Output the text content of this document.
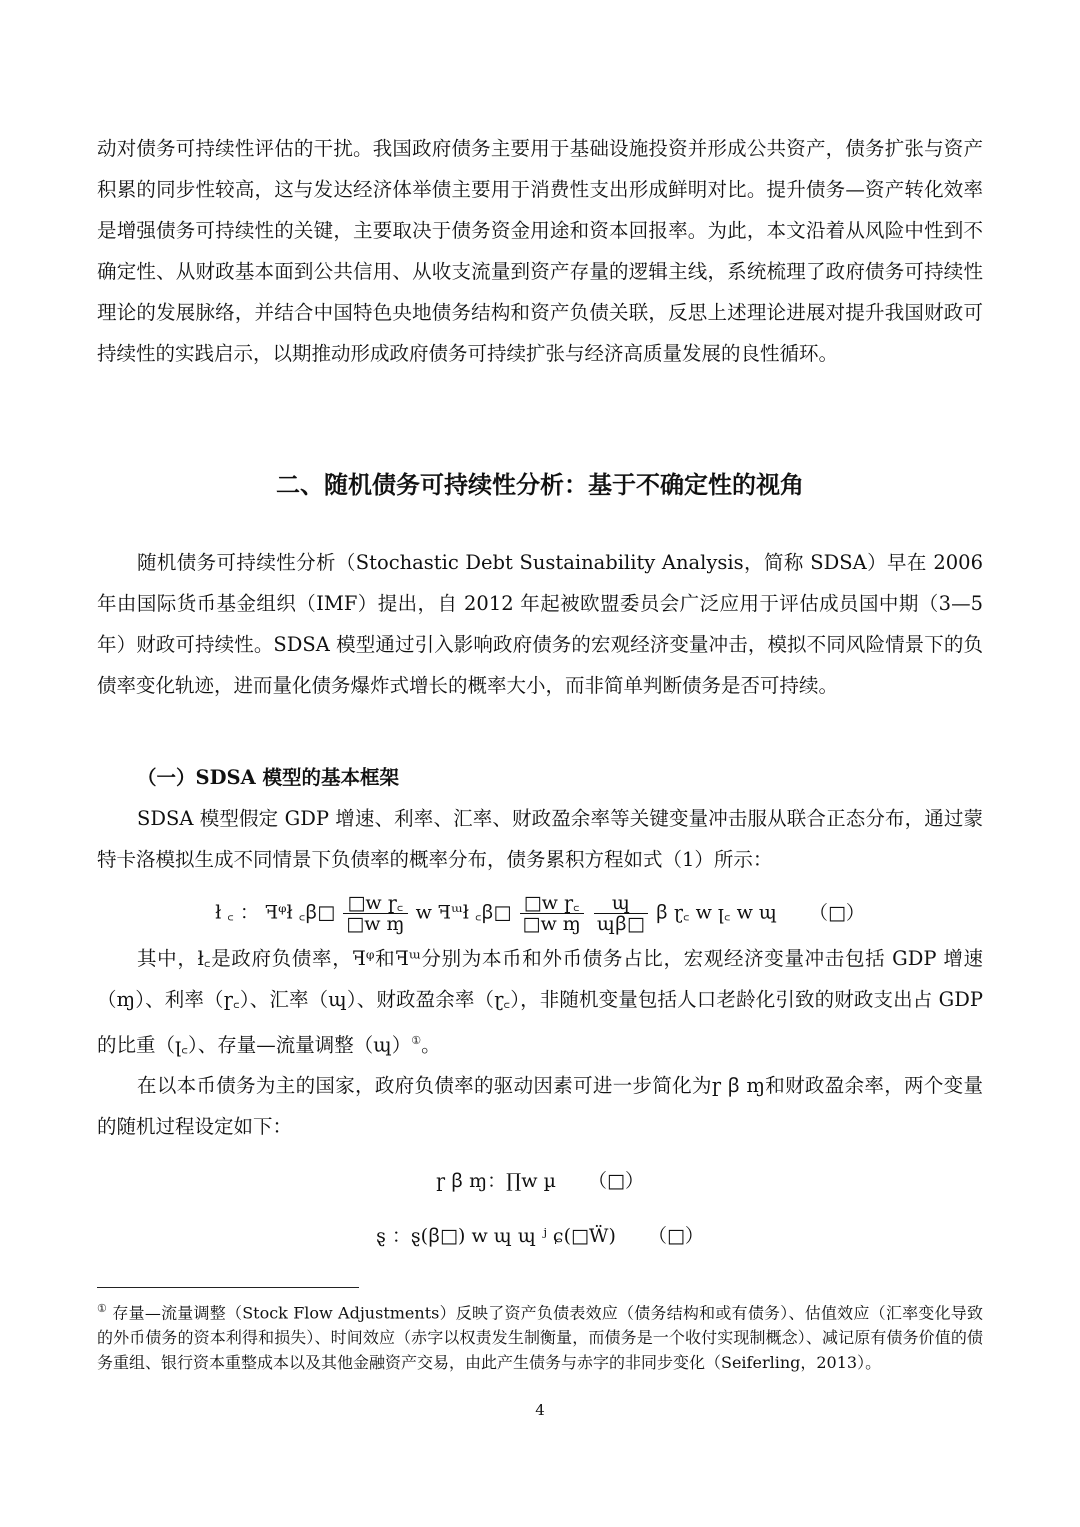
动对债务可持续性评估的干扰。我国政府债务主要用于基础设施投资并形成公共资产，债务扩张与资产积累的同步性较高，这与发达经济体举债主要用于消费性支出形成鲜明对比。提升债务—资产转化效率是增强债务可持续性的关键，主要取决于债务资金用途和资本回报率。为此，本文沿着从风险中性到不确定性、从财政基本面到公共信用、从收支流量到资产存量的逻辑主线，系统梳理了政府债务可持续性理论的发展脉络，并结合中国特色央地债务结构和资产负债关联，反思上述理论进展对提升我国财政可持续性的实践启示，以期推动形成政府债务可持续扩张与经济高质量发展的良性循环。

二、随机债务可持续性分析：基于不确定性的视角

随机债务可持续性分析（Stochastic Debt Sustainability Analysis，简称 SDSA）早在 2006 年由国际货币基金组织（IMF）提出，自 2012 年起被欧盟委员会广泛应用于评估成员国中期（3—5 年）财政可持续性。SDSA 模型通过引入影响政府债务的宏观经济变量冲击，模拟不同风险情景下的负债率变化轨迹，进而量化债务爆炸式增长的概率大小，而非简单判断债务是否可持续。

（一）SDSA 模型的基本框架

SDSA 模型假定 GDP 增速、利率、汇率、财政盈余率等关键变量冲击服从联合正态分布，通过蒙特卡洛模拟生成不同情景下负债率的概率分布，债务累积方程如式（1）所示：

ł ꜀ ： ꟻᵠł ꜀ꞵ□ $\frac{\text{□w ɼ꜀}}{\text{□w ɱ}}$ w ꟻᵚł ꜀ꞵ□ $\frac{\text{□w ɼ꜀}}{\text{□w ɱ}}$
$\frac{\text{ɰ}}{\text{ɰꞵ□}}$ ꞵ ɽ꜀ w ꞁ꜀ w ɰ （□）

其中，ł꜀是政府负债率，ꟻᵠ和ꟻᵚ分别为本币和外币债务占比，宏观经济变量冲击包括 GDP 增速（ɱ）、利率（ɼ꜀）、汇率（ɰ）、财政盈余率（ɽ꜀），非随机变量包括人口老龄化引致的财政支出占 GDP 的比重（ꞁ꜀）、存量—流量调整（ɰ）①。

在以本币债务为主的国家，政府负债率的驱动因素可进一步简化为ɼ ꞵ ɱ和财政盈余率，两个变量的随机过程设定如下：

ɼ ꞵ ɱ：∏w µ （□）
ȿ ：ȿ(ꞵ□) w ɰ ɰ ʲ ɕ(□Ẅ) （□）

① 存量—流量调整（Stock Flow Adjustments）反映了资产负债表效应（债务结构和或有债务）、估值效应（汇率变化导致的外币债务的资本利得和损失）、时间效应（赤字以权责发生制衡量，而债务是一个收付实现制概念）、减记原有债务价值的债务重组、银行资本重整成本以及其他金融资产交易，由此产生债务与赤字的非同步变化（Seiferling，2013）。

4
